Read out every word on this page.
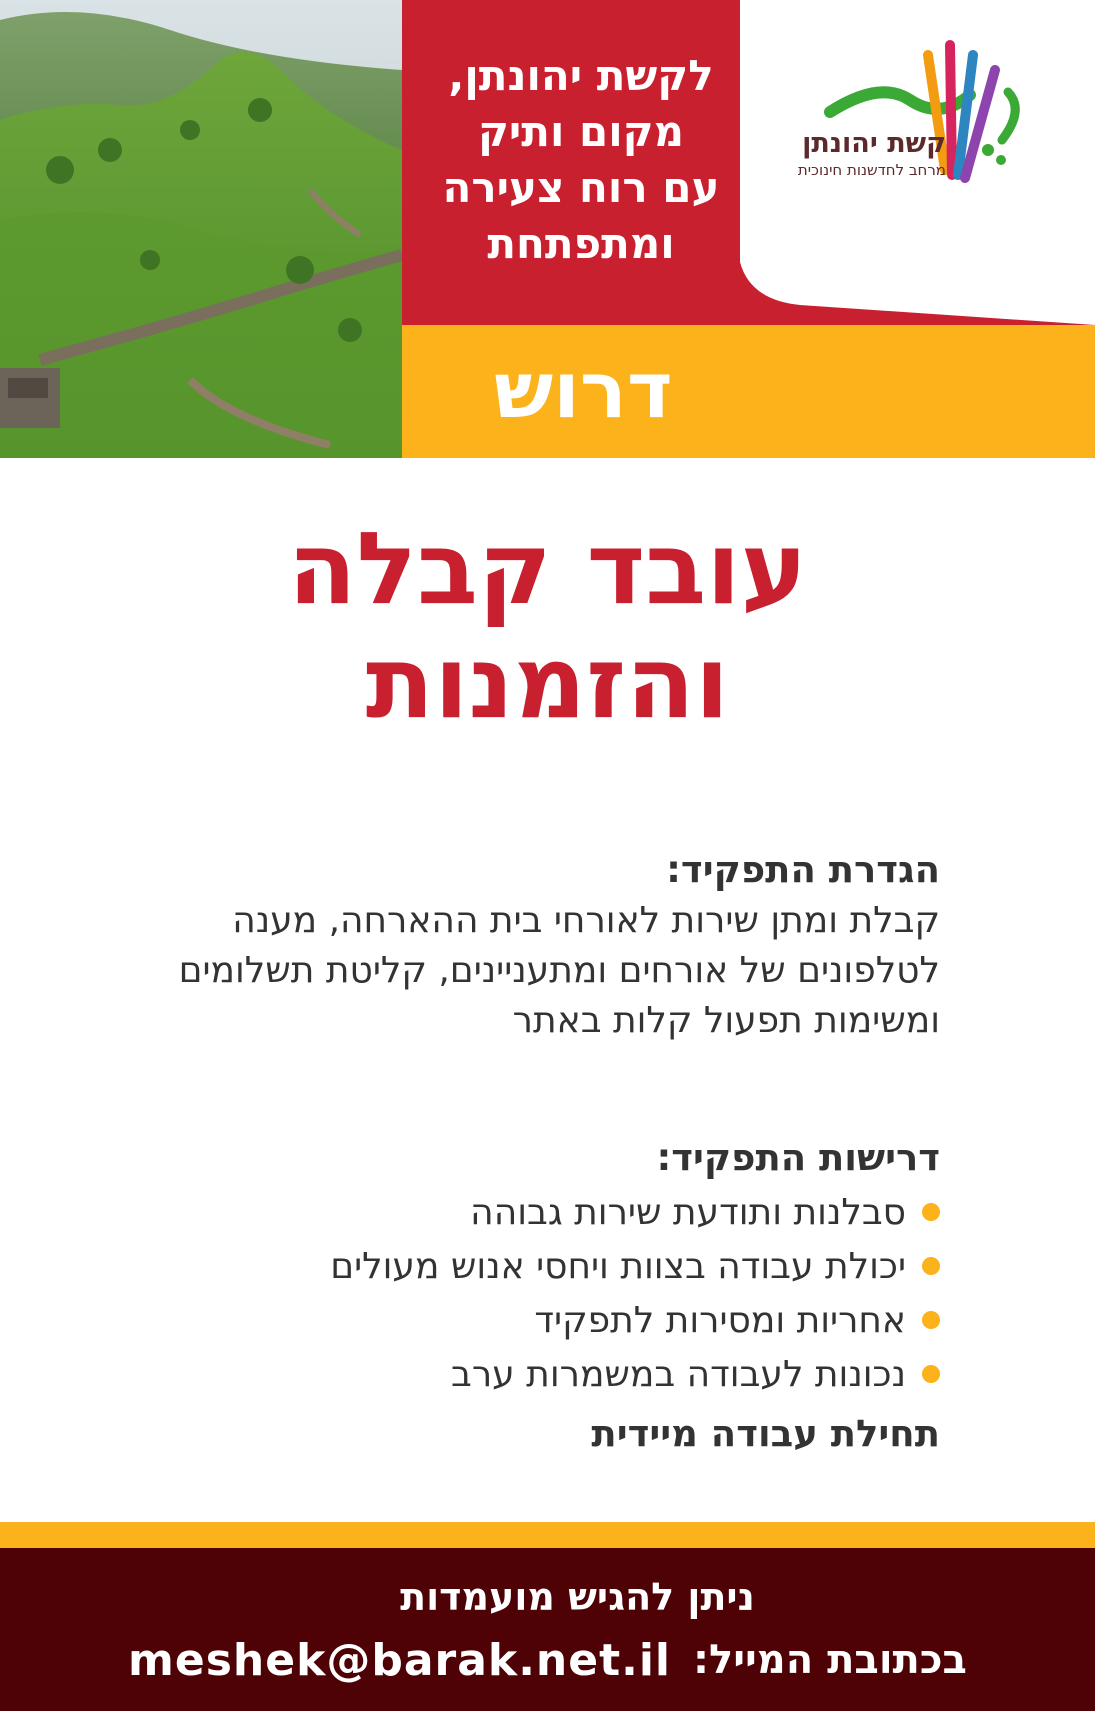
לקשת יהונתן,
מקום ותיק
עם רוח צעירה
ומתפתחת
קשת יהונתן
מרחב לחדשנות חינוכית
דרוש
עובד קבלה
והזמנות
הגדרת התפקיד:
קבלת ומתן שירות לאורחי בית ההארחה, מענה
לטלפונים של אורחים ומתעניינים, קליטת תשלומים
ומשימות תפעול קלות באתר
דרישות התפקיד:
סבלנות ותודעת שירות גבוהה
יכולת עבודה בצוות ויחסי אנוש מעולים
אחריות ומסירות לתפקיד
נכונות לעבודה במשמרות ערב
תחילת עבודה מיידית
ניתן להגיש מועמדות
meshek@barak.net.il בכתובת המייל:
